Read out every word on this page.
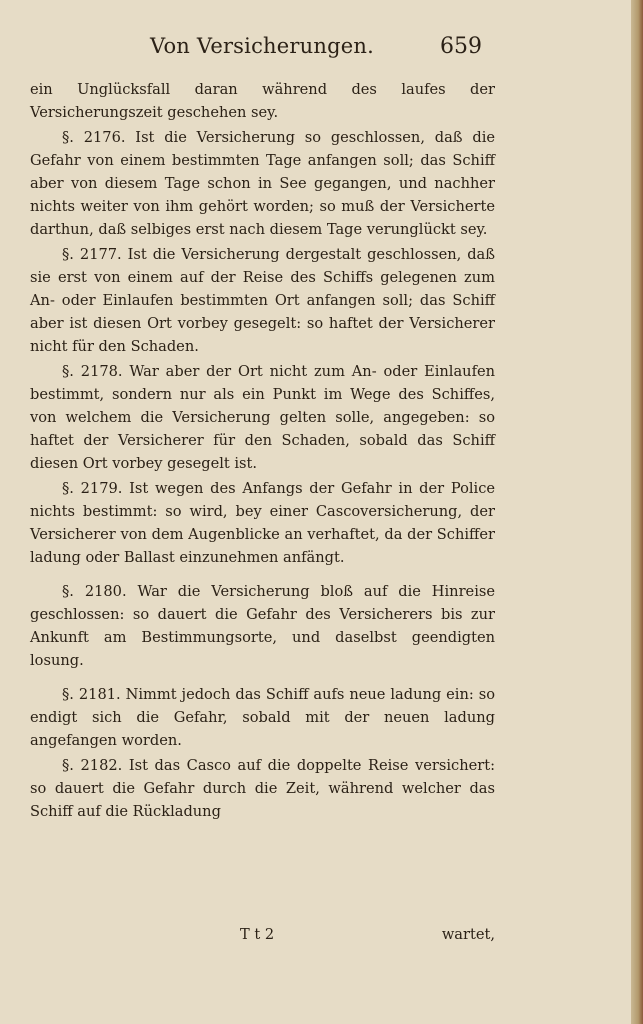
Von Versicherungen.	659

ein Unglücksfall daran während des laufes der Versicherungszeit geschehen sey.

§. 2176. Ist die Versicherung so geschlossen, daß die Gefahr von einem bestimmten Tage anfangen soll; das Schiff aber von diesem Tage schon in See gegangen, und nachher nichts weiter von ihm gehört worden; so muß der Versicherte darthun, daß selbiges erst nach diesem Tage verunglückt sey.

§. 2177. Ist die Versicherung dergestalt geschlossen, daß sie erst von einem auf der Reise des Schiffs gelegenen zum An- oder Einlaufen bestimmten Ort anfangen soll; das Schiff aber ist diesen Ort vorbey gesegelt: so haftet der Versicherer nicht für den Schaden.

§. 2178. War aber der Ort nicht zum An- oder Einlaufen bestimmt, sondern nur als ein Punkt im Wege des Schiffes, von welchem die Versicherung gelten solle, angegeben: so haftet der Versicherer für den Schaden, sobald das Schiff diesen Ort vorbey gesegelt ist.

§. 2179. Ist wegen des Anfangs der Gefahr in der Police nichts bestimmt: so wird, bey einer Cascoversicherung, der Versicherer von dem Augenblicke an verhaftet, da der Schiffer ladung oder Ballast einzunehmen anfängt.

§. 2180. War die Versicherung bloß auf die Hinreise geschlossen: so dauert die Gefahr des Versicherers bis zur Ankunft am Bestimmungsorte, und daselbst geendigten losung.

§. 2181. Nimmt jedoch das Schiff aufs neue ladung ein: so endigt sich die Gefahr, sobald mit der neuen ladung angefangen worden.

§. 2182. Ist das Casco auf die doppelte Reise versichert: so dauert die Gefahr durch die Zeit, während welcher das Schiff auf die Rückladung

T t 2	wartet,
